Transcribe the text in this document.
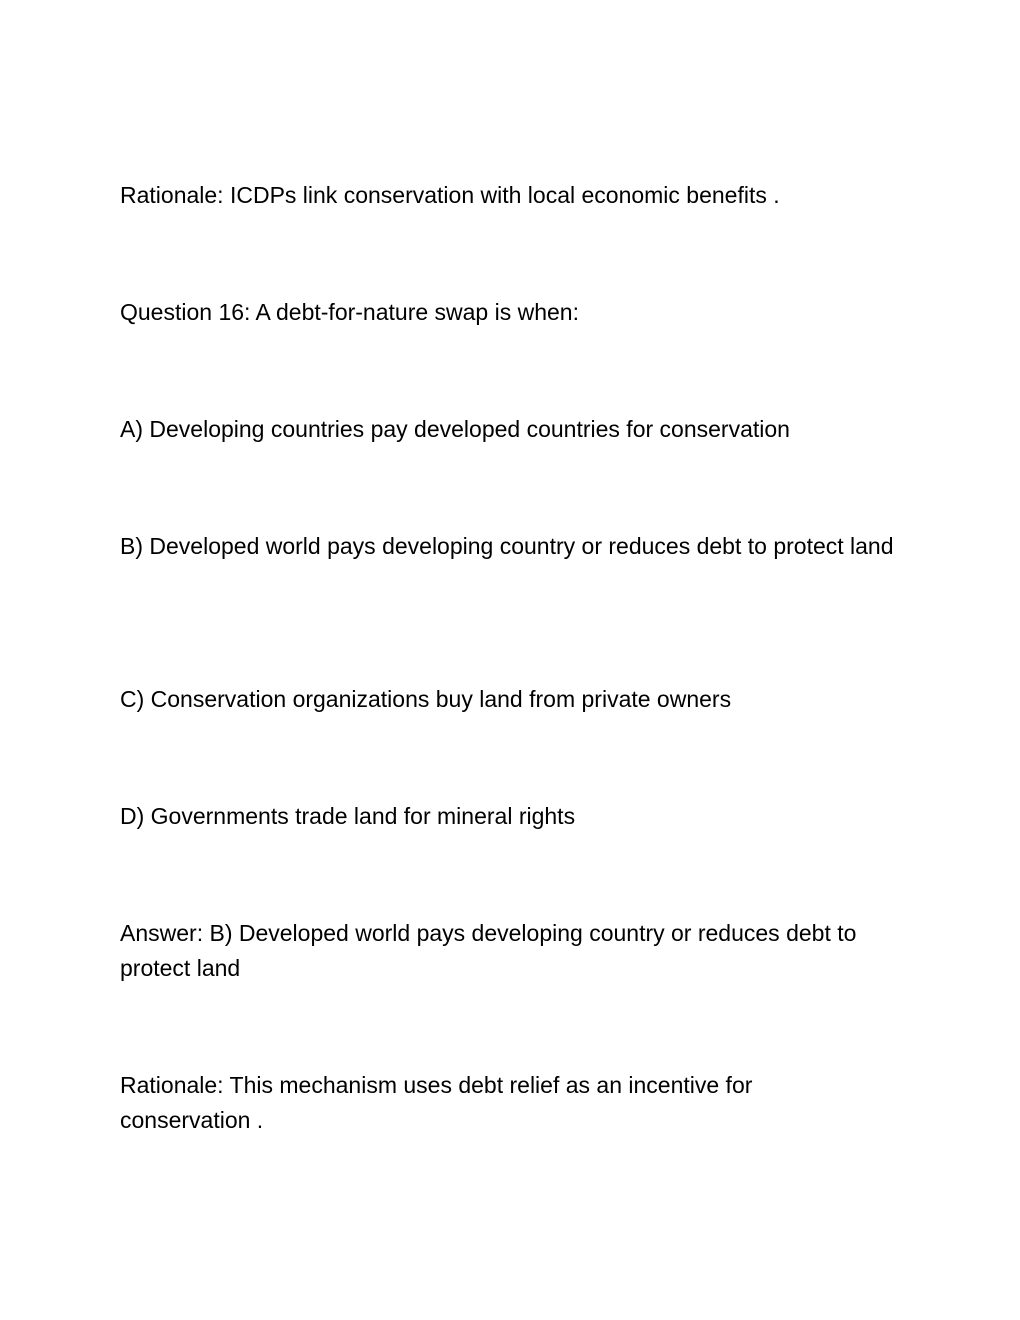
Rationale: ICDPs link conservation with local economic benefits .

Question 16: A debt-for-nature swap is when:

A) Developing countries pay developed countries for conservation

B) Developed world pays developing country or reduces debt to protect land

C) Conservation organizations buy land from private owners

D) Governments trade land for mineral rights

Answer: B) Developed world pays developing country or reduces debt to protect land

Rationale: This mechanism uses debt relief as an incentive for conservation .
